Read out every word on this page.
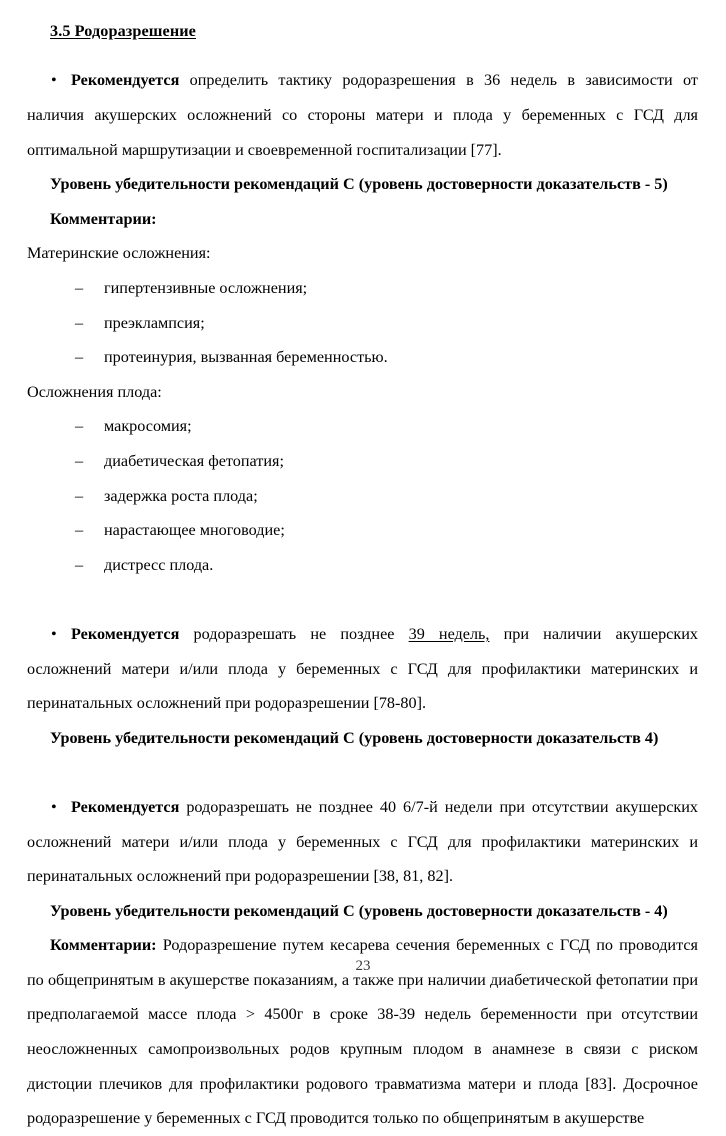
3.5 Родоразрешение

• Рекомендуется определить тактику родоразрешения в 36 недель в зависимости от наличия акушерских осложнений со стороны матери и плода у беременных с ГСД для оптимальной маршрутизации и своевременной госпитализации [77].

Уровень убедительности рекомендаций С (уровень достоверности доказательств - 5)

Комментарии:

Материнские осложнения:

– гипертензивные осложнения;
– преэклампсия;
– протеинурия, вызванная беременностью.

Осложнения плода:

– макросомия;
– диабетическая фетопатия;
– задержка роста плода;
– нарастающее многоводие;
– дистресс плода.

• Рекомендуется родоразрешать не позднее 39 недель, при наличии акушерских осложнений матери и/или плода у беременных с ГСД для профилактики материнских и перинатальных осложнений при родоразрешении [78-80].

Уровень убедительности рекомендаций С (уровень достоверности доказательств 4)

• Рекомендуется родоразрешать не позднее 40 6/7-й недели при отсутствии акушерских осложнений матери и/или плода у беременных с ГСД для профилактики материнских и перинатальных осложнений при родоразрешении [38, 81, 82].

Уровень убедительности рекомендаций С (уровень достоверности доказательств - 4)

Комментарии: Родоразрешение путем кесарева сечения беременных с ГСД по проводится по общепринятым в акушерстве показаниям, а также при наличии диабетической фетопатии при предполагаемой массе плода > 4500г в сроке 38-39 недель беременности при отсутствии неосложненных самопроизвольных родов крупным плодом в анамнезе в связи с риском дистоции плечиков для профилактики родового травматизма матери и плода [83]. Досрочное родоразрешение у беременных с ГСД проводится только по общепринятым в акушерстве

23
